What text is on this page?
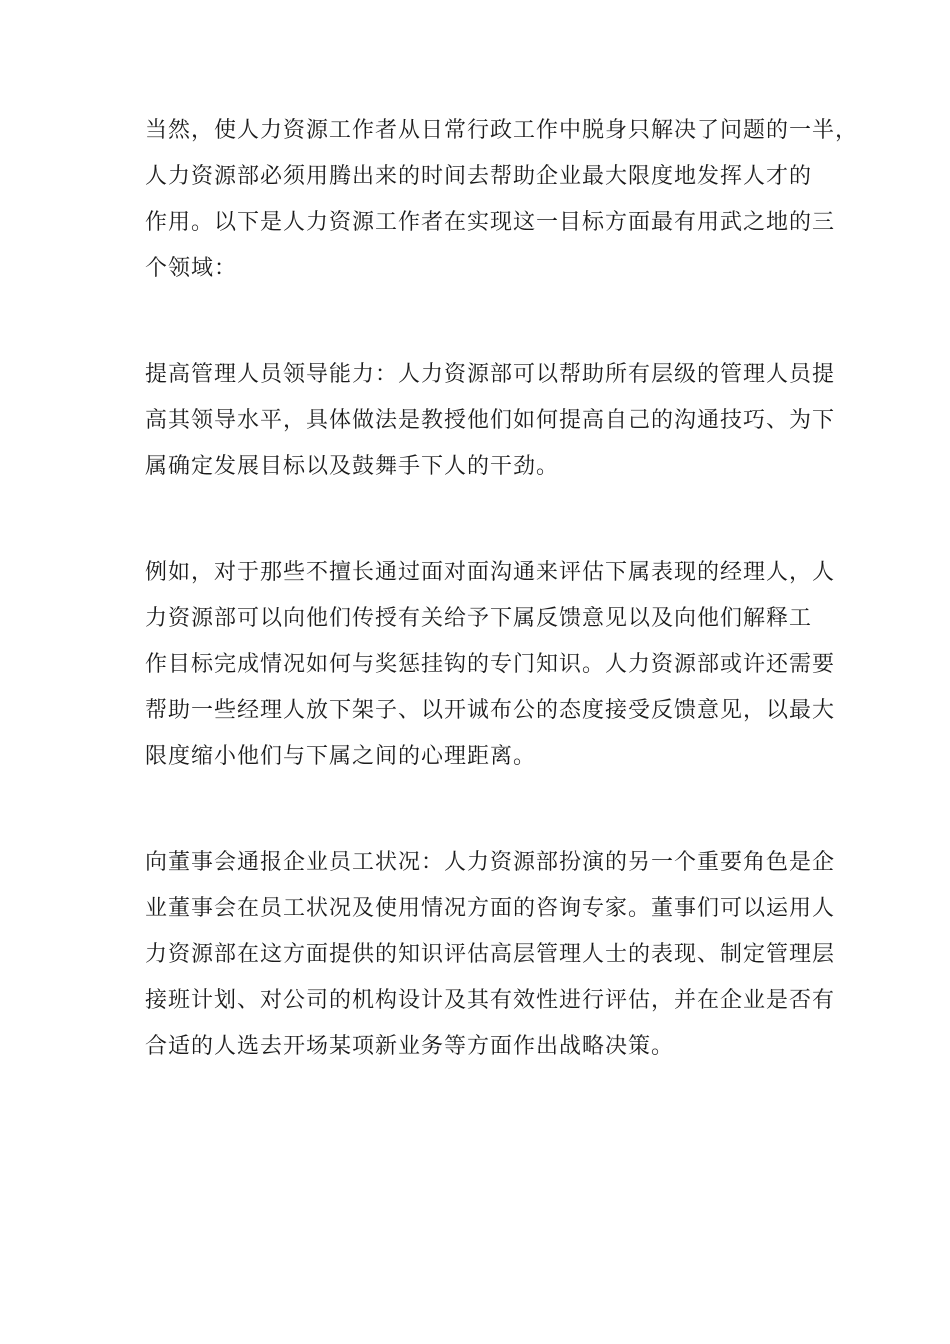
当然，使人力资源工作者从日常行政工作中脱身只解决了问题的一半，
人力资源部必须用腾出来的时间去帮助企业最大限度地发挥人才的
作用。以下是人力资源工作者在实现这一目标方面最有用武之地的三
个领域：

提高管理人员领导能力：人力资源部可以帮助所有层级的管理人员提
高其领导水平，具体做法是教授他们如何提高自己的沟通技巧、为下
属确定发展目标以及鼓舞手下人的干劲。

例如，对于那些不擅长通过面对面沟通来评估下属表现的经理人，人
力资源部可以向他们传授有关给予下属反馈意见以及向他们解释工
作目标完成情况如何与奖惩挂钩的专门知识。人力资源部或许还需要
帮助一些经理人放下架子、以开诚布公的态度接受反馈意见，以最大
限度缩小他们与下属之间的心理距离。

向董事会通报企业员工状况：人力资源部扮演的另一个重要角色是企
业董事会在员工状况及使用情况方面的咨询专家。董事们可以运用人
力资源部在这方面提供的知识评估高层管理人士的表现、制定管理层
接班计划、对公司的机构设计及其有效性进行评估，并在企业是否有
合适的人选去开场某项新业务等方面作出战略决策。
